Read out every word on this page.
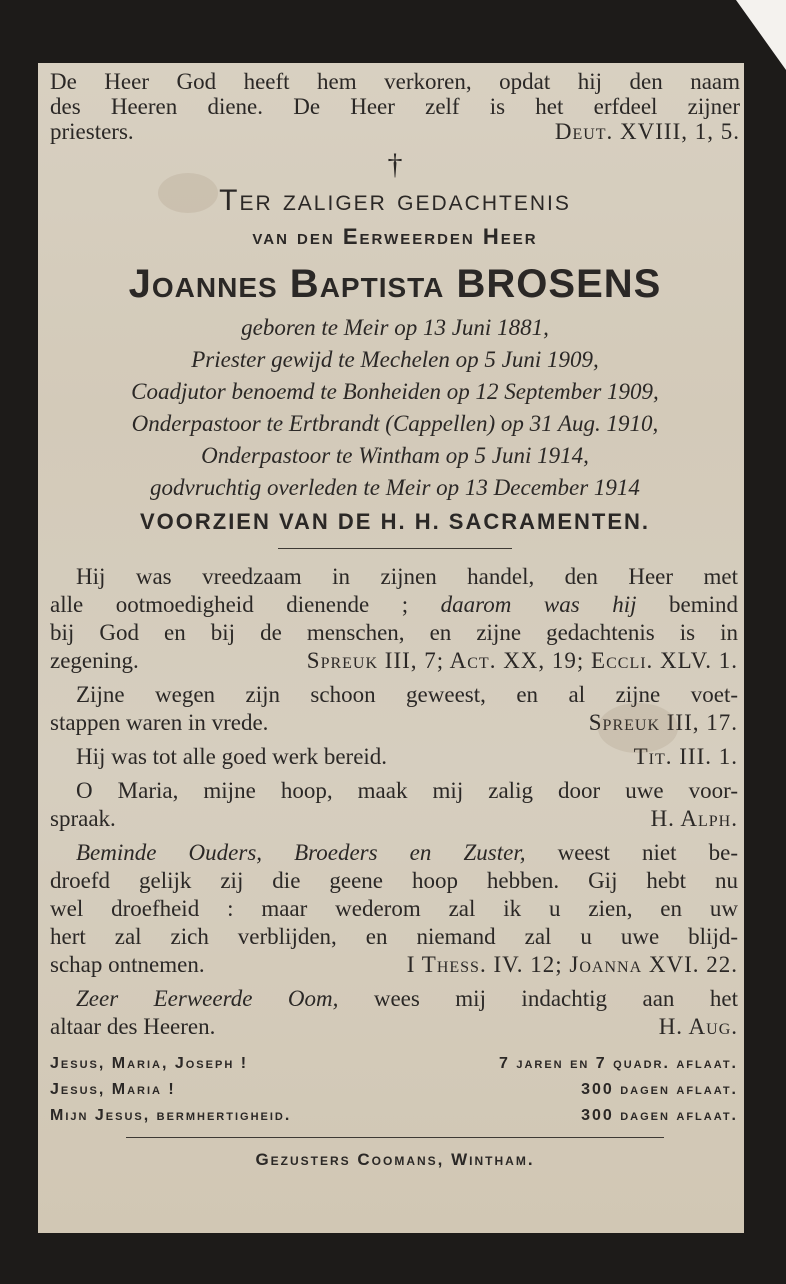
De Heer God heeft hem verkoren, opdat hij den naam
des Heeren diene. De Heer zelf is het erfdeel zijner
priesters.	Deut. XVIII, 1, 5.
†
Ter zaliger gedachtenis
van den Eerweerden Heer
Joannes Baptista BROSENS
geboren te Meir op 13 Juni 1881,
Priester gewijd te Mechelen op 5 Juni 1909,
Coadjutor benoemd te Bonheiden op 12 September 1909,
Onderpastoor te Ertbrandt (Cappellen) op 31 Aug. 1910,
Onderpastoor te Wintham op 5 Juni 1914,
godvruchtig overleden te Meir op 13 December 1914
VOORZIEN VAN DE H. H. SACRAMENTEN.
Hij was vreedzaam in zijnen handel, den Heer met
alle ootmoedigheid dienende ; daarom was hij bemind
bij God en bij de menschen, en zijne gedachtenis is in
zegening.	Spreuk III, 7; Act. XX, 19; Eccli. XLV. 1.
Zijne wegen zijn schoon geweest, en al zijne voet-
stappen waren in vrede.	Spreuk III, 17.
Hij was tot alle goed werk bereid.	Tit. III. 1.
O Maria, mijne hoop, maak mij zalig door uwe voor-
spraak.	H. Alph.
Beminde Ouders, Broeders en Zuster, weest niet be-
droefd gelijk zij die geene hoop hebben. Gij hebt nu
wel droefheid : maar wederom zal ik u zien, en uw
hert zal zich verblijden, en niemand zal u uwe blijd-
schap ontnemen.	I Thess. IV. 12; Joanna XVI. 22.
Zeer Eerweerde Oom, wees mij indachtig aan het
altaar des Heeren.	H. Aug.
Jesus, Maria, Joseph !	7 jaren en 7 quadr. aflaat.
Jesus, Maria !	300 dagen aflaat.
Mijn Jesus, bermhertigheid.	300 dagen aflaat.
Gezusters Coomans, Wintham.
